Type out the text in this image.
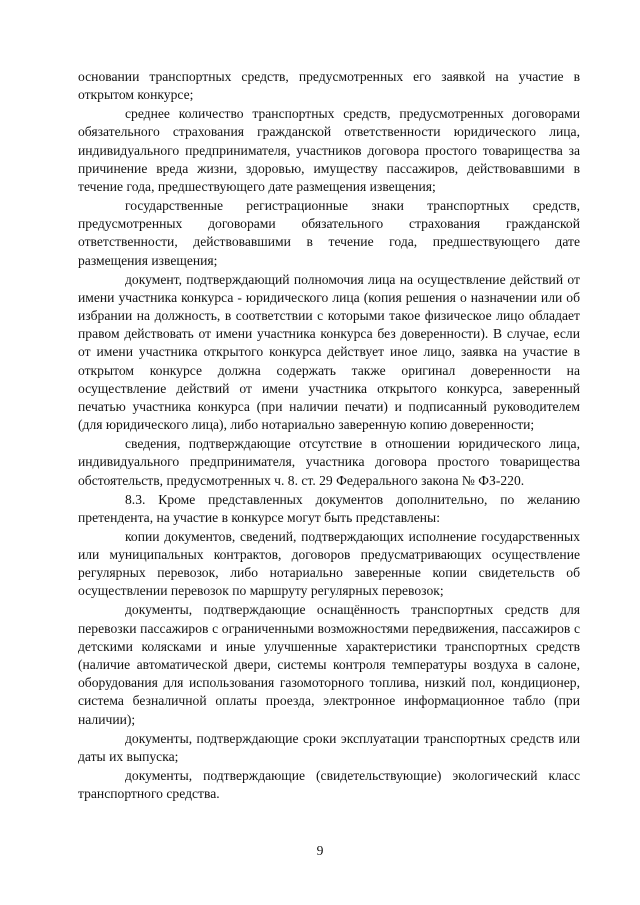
основании транспортных средств, предусмотренных его заявкой на участие в открытом конкурсе;

среднее количество транспортных средств, предусмотренных договорами обязательного страхования гражданской ответственности юридического лица, индивидуального предпринимателя, участников договора простого товарищества за причинение вреда жизни, здоровью, имуществу пассажиров, действовавшими в течение года, предшествующего дате размещения извещения;

государственные регистрационные знаки транспортных средств, предусмотренных договорами обязательного страхования гражданской ответственности, действовавшими в течение года, предшествующего дате размещения извещения;

документ, подтверждающий полномочия лица на осуществление действий от имени участника конкурса - юридического лица (копия решения о назначении или об избрании на должность, в соответствии с которыми такое физическое лицо обладает правом действовать от имени участника конкурса без доверенности). В случае, если от имени участника открытого конкурса действует иное лицо, заявка на участие в открытом конкурсе должна содержать также оригинал доверенности на осуществление действий от имени участника открытого конкурса, заверенный печатью участника конкурса (при наличии печати) и подписанный руководителем (для юридического лица), либо нотариально заверенную копию доверенности;

сведения, подтверждающие отсутствие в отношении юридического лица, индивидуального предпринимателя, участника договора простого товарищества обстоятельств, предусмотренных ч. 8. ст. 29 Федерального закона № ФЗ-220.

8.3. Кроме представленных документов дополнительно, по желанию претендента, на участие в конкурсе могут быть представлены:

копии документов, сведений, подтверждающих исполнение государственных или муниципальных контрактов, договоров предусматривающих осуществление регулярных перевозок, либо нотариально заверенные копии свидетельств об осуществлении перевозок по маршруту регулярных перевозок;

документы, подтверждающие оснащённость транспортных средств для перевозки пассажиров с ограниченными возможностями передвижения, пассажиров с детскими колясками и иные улучшенные характеристики транспортных средств (наличие автоматической двери, системы контроля температуры воздуха в салоне, оборудования для использования газомоторного топлива, низкий пол, кондиционер, система безналичной оплаты проезда, электронное информационное табло (при наличии);

документы, подтверждающие сроки эксплуатации транспортных средств или даты их выпуска;

документы, подтверждающие (свидетельствующие) экологический класс транспортного средства.

9
